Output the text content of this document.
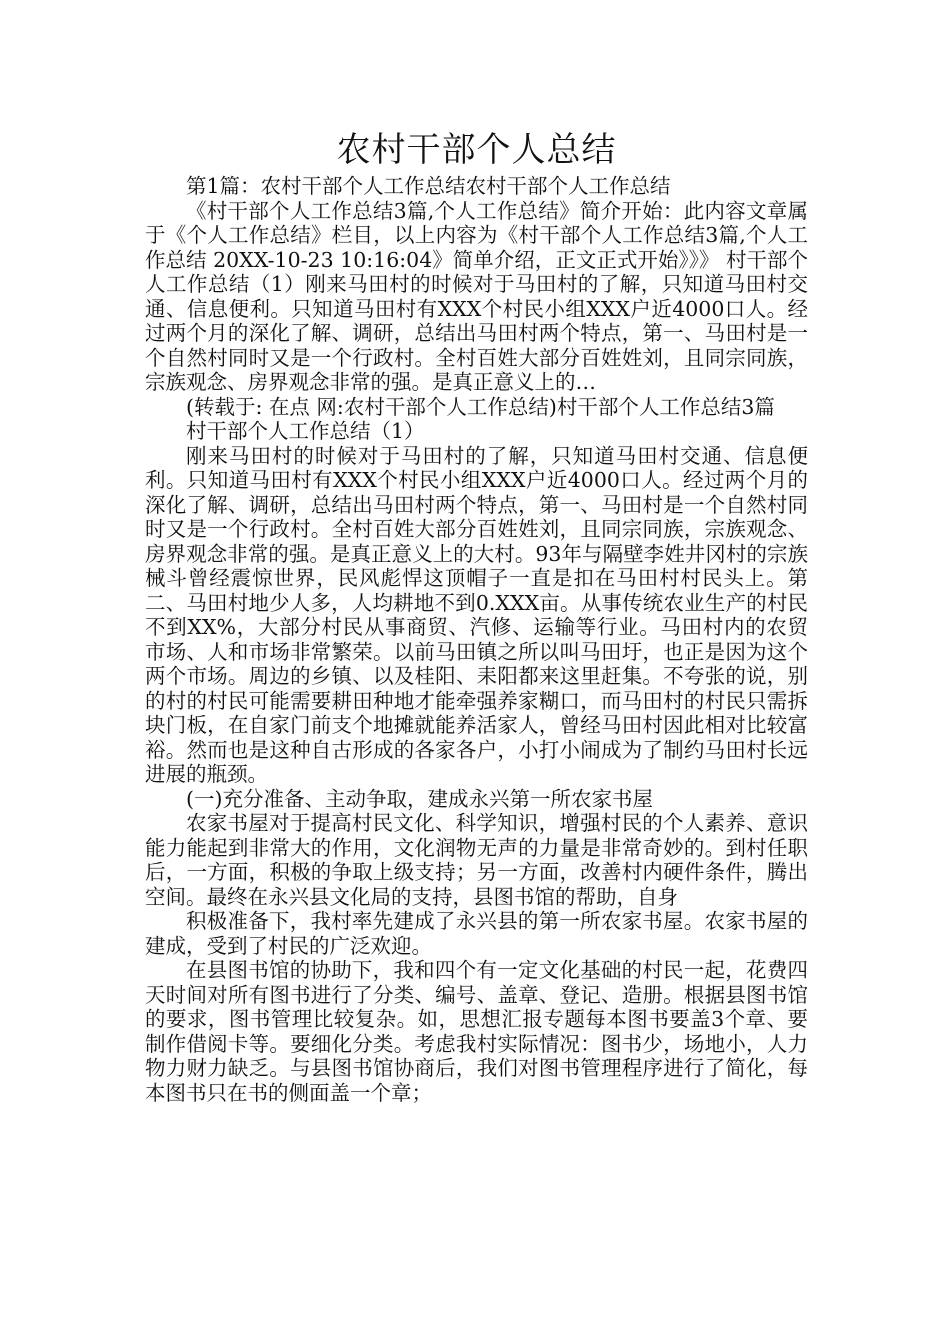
农村干部个人总结

第1篇：农村干部个人工作总结农村干部个人工作总结

《村干部个人工作总结3篇,个人工作总结》简介开始：此内容文章属于《个人工作总结》栏目，以上内容为《村干部个人工作总结3篇,个人工作总结 20XX-10-23 10:16:04》简单介绍，正文正式开始》》》 村干部个人工作总结（1）刚来马田村的时候对于马田村的了解，只知道马田村交通、信息便利。只知道马田村有XXX个村民小组XXX户近4000口人。经过两个月的深化了解、调研，总结出马田村两个特点，第一、马田村是一个自然村同时又是一个行政村。全村百姓大部分百姓姓刘，且同宗同族，宗族观念、房界观念非常的强。是真正意义上的…

(转载于: 在点 网:农村干部个人工作总结)村干部个人工作总结3篇

村干部个人工作总结（1）

刚来马田村的时候对于马田村的了解，只知道马田村交通、信息便利。只知道马田村有XXX个村民小组XXX户近4000口人。经过两个月的深化了解、调研，总结出马田村两个特点，第一、马田村是一个自然村同时又是一个行政村。全村百姓大部分百姓姓刘，且同宗同族，宗族观念、房界观念非常的强。是真正意义上的大村。93年与隔壁李姓井冈村的宗族械斗曾经震惊世界，民风彪悍这顶帽子一直是扣在马田村村民头上。第二、马田村地少人多，人均耕地不到0.XXX亩。从事传统农业生产的村民不到XX%，大部分村民从事商贸、汽修、运输等行业。马田村内的农贸市场、人和市场非常繁荣。以前马田镇之所以叫马田圩，也正是因为这个两个市场。周边的乡镇、以及桂阳、耒阳都来这里赶集。不夸张的说，别的村的村民可能需要耕田种地才能牵强养家糊口，而马田村的村民只需拆块门板，在自家门前支个地摊就能养活家人，曾经马田村因此相对比较富裕。然而也是这种自古形成的各家各户，小打小闹成为了制约马田村长远进展的瓶颈。

(一)充分准备、主动争取，建成永兴第一所农家书屋

农家书屋对于提高村民文化、科学知识，增强村民的个人素养、意识能力能起到非常大的作用，文化润物无声的力量是非常奇妙的。到村任职后，一方面，积极的争取上级支持；另一方面，改善村内硬件条件，腾出空间。最终在永兴县文化局的支持，县图书馆的帮助，自身

积极准备下，我村率先建成了永兴县的第一所农家书屋。农家书屋的建成，受到了村民的广泛欢迎。

在县图书馆的协助下，我和四个有一定文化基础的村民一起，花费四天时间对所有图书进行了分类、编号、盖章、登记、造册。根据县图书馆的要求，图书管理比较复杂。如，思想汇报专题每本图书要盖3个章、要制作借阅卡等。要细化分类。考虑我村实际情况：图书少，场地小，人力物力财力缺乏。与县图书馆协商后，我们对图书管理程序进行了简化，每本图书只在书的侧面盖一个章；
